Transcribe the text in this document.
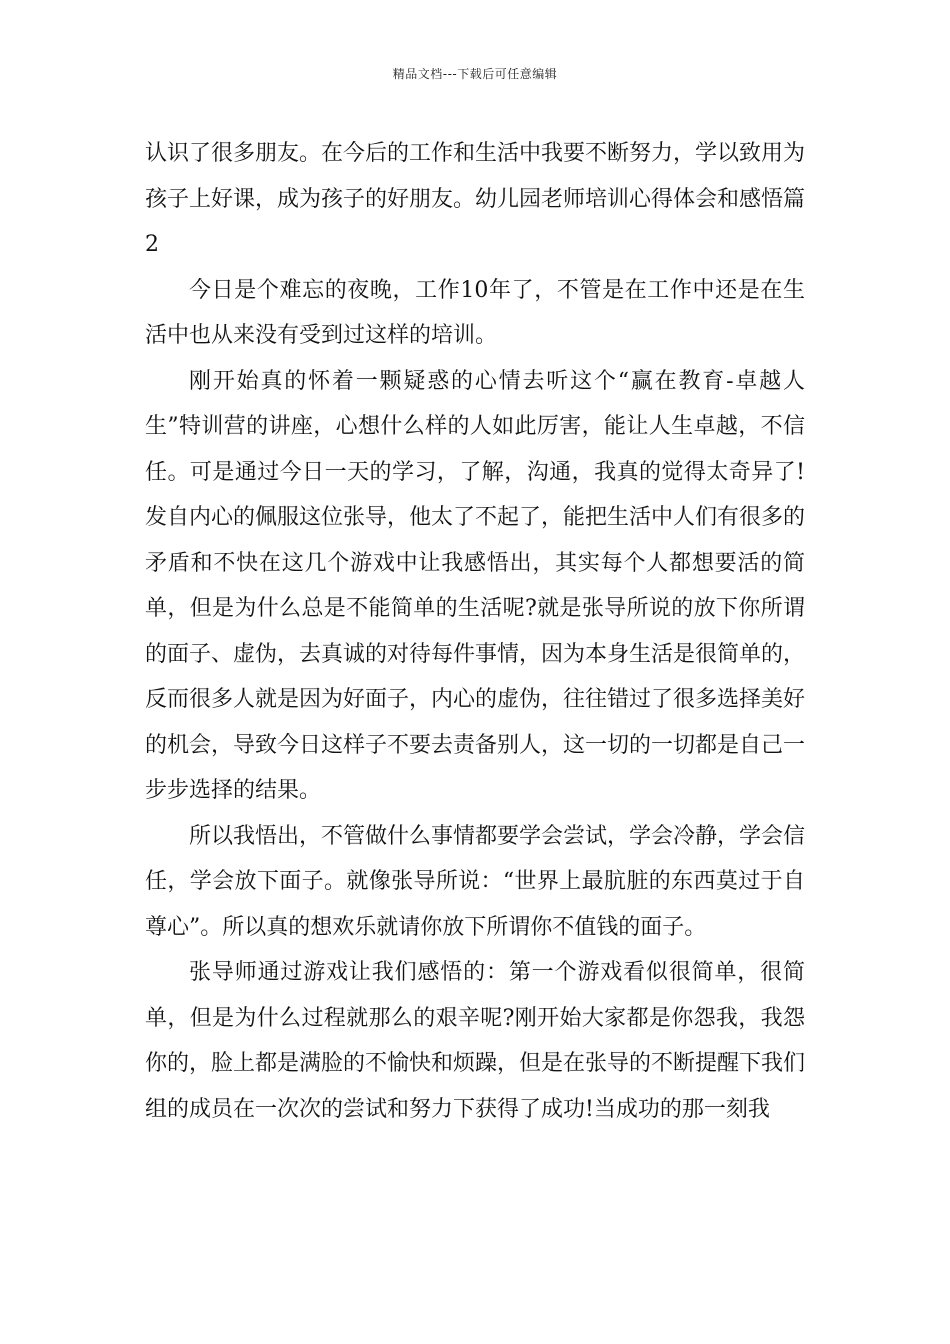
精品文档---下载后可任意编辑

认识了很多朋友。在今后的工作和生活中我要不断努力，学以致用为孩子上好课，成为孩子的好朋友。幼儿园老师培训心得体会和感悟篇2

今日是个难忘的夜晚，工作10年了，不管是在工作中还是在生活中也从来没有受到过这样的培训。

刚开始真的怀着一颗疑惑的心情去听这个“赢在教育-卓越人生”特训营的讲座，心想什么样的人如此厉害，能让人生卓越，不信任。可是通过今日一天的学习，了解，沟通，我真的觉得太奇异了!发自内心的佩服这位张导，他太了不起了，能把生活中人们有很多的矛盾和不快在这几个游戏中让我感悟出，其实每个人都想要活的简单，但是为什么总是不能简单的生活呢?就是张导所说的放下你所谓的面子、虚伪，去真诚的对待每件事情，因为本身生活是很简单的，反而很多人就是因为好面子，内心的虚伪，往往错过了很多选择美好的机会，导致今日这样子不要去责备别人，这一切的一切都是自己一步步选择的结果。

所以我悟出，不管做什么事情都要学会尝试，学会冷静，学会信任，学会放下面子。就像张导所说：“世界上最肮脏的东西莫过于自尊心”。所以真的想欢乐就请你放下所谓你不值钱的面子。

张导师通过游戏让我们感悟的：第一个游戏看似很简单，很简单，但是为什么过程就那么的艰辛呢?刚开始大家都是你怨我，我怨你的，脸上都是满脸的不愉快和烦躁，但是在张导的不断提醒下我们组的成员在一次次的尝试和努力下获得了成功!当成功的那一刻我
